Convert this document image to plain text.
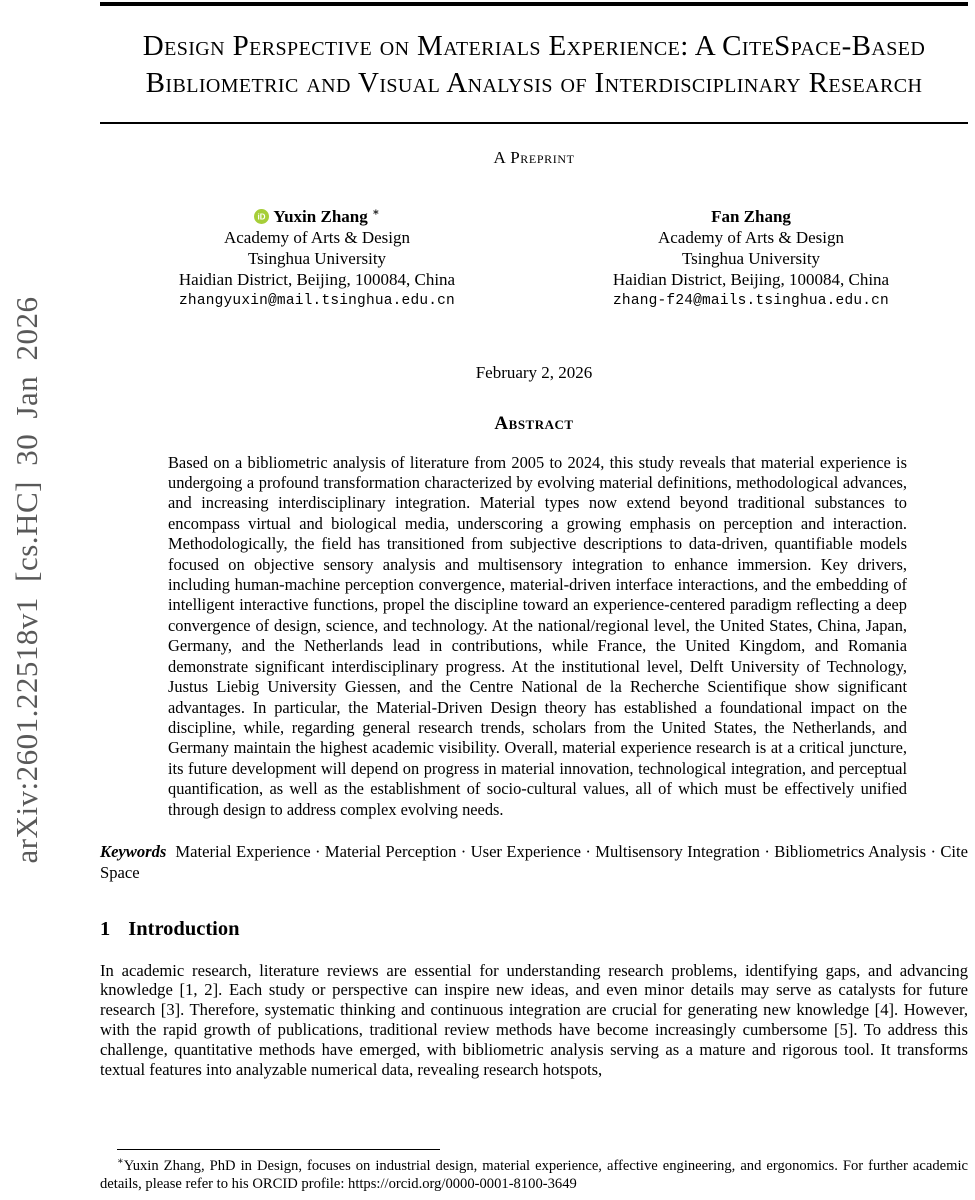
arXiv:2601.22518v1 [cs.HC] 30 Jan 2026
Design Perspective on Materials Experience: A CiteSpace-Based Bibliometric and Visual Analysis of Interdisciplinary Research
A Preprint
iD Yuxin Zhang ∗
Academy of Arts & Design
Tsinghua University
Haidian District, Beijing, 100084, China
zhangyuxin@mail.tsinghua.edu.cn
Fan Zhang
Academy of Arts & Design
Tsinghua University
Haidian District, Beijing, 100084, China
zhang-f24@mails.tsinghua.edu.cn
February 2, 2026
Abstract
Based on a bibliometric analysis of literature from 2005 to 2024, this study reveals that material experience is undergoing a profound transformation characterized by evolving material definitions, methodological advances, and increasing interdisciplinary integration. Material types now extend beyond traditional substances to encompass virtual and biological media, underscoring a growing emphasis on perception and interaction. Methodologically, the field has transitioned from subjective descriptions to data-driven, quantifiable models focused on objective sensory analysis and multisensory integration to enhance immersion. Key drivers, including human-machine perception convergence, material-driven interface interactions, and the embedding of intelligent interactive functions, propel the discipline toward an experience-centered paradigm reflecting a deep convergence of design, science, and technology. At the national/regional level, the United States, China, Japan, Germany, and the Netherlands lead in contributions, while France, the United Kingdom, and Romania demonstrate significant interdisciplinary progress. At the institutional level, Delft University of Technology, Justus Liebig University Giessen, and the Centre National de la Recherche Scientifique show significant advantages. In particular, the Material-Driven Design theory has established a foundational impact on the discipline, while, regarding general research trends, scholars from the United States, the Netherlands, and Germany maintain the highest academic visibility. Overall, material experience research is at a critical juncture, its future development will depend on progress in material innovation, technological integration, and perceptual quantification, as well as the establishment of socio-cultural values, all of which must be effectively unified through design to address complex evolving needs.
Keywords Material Experience · Material Perception · User Experience · Multisensory Integration · Bibliometrics Analysis · Cite Space
1 Introduction
In academic research, literature reviews are essential for understanding research problems, identifying gaps, and advancing knowledge [1, 2]. Each study or perspective can inspire new ideas, and even minor details may serve as catalysts for future research [3]. Therefore, systematic thinking and continuous integration are crucial for generating new knowledge [4]. However, with the rapid growth of publications, traditional review methods have become increasingly cumbersome [5]. To address this challenge, quantitative methods have emerged, with bibliometric analysis serving as a mature and rigorous tool. It transforms textual features into analyzable numerical data, revealing research hotspots,

∗Yuxin Zhang, PhD in Design, focuses on industrial design, material experience, affective engineering, and ergonomics. For further academic details, please refer to his ORCID profile: https://orcid.org/0000-0001-8100-3649
